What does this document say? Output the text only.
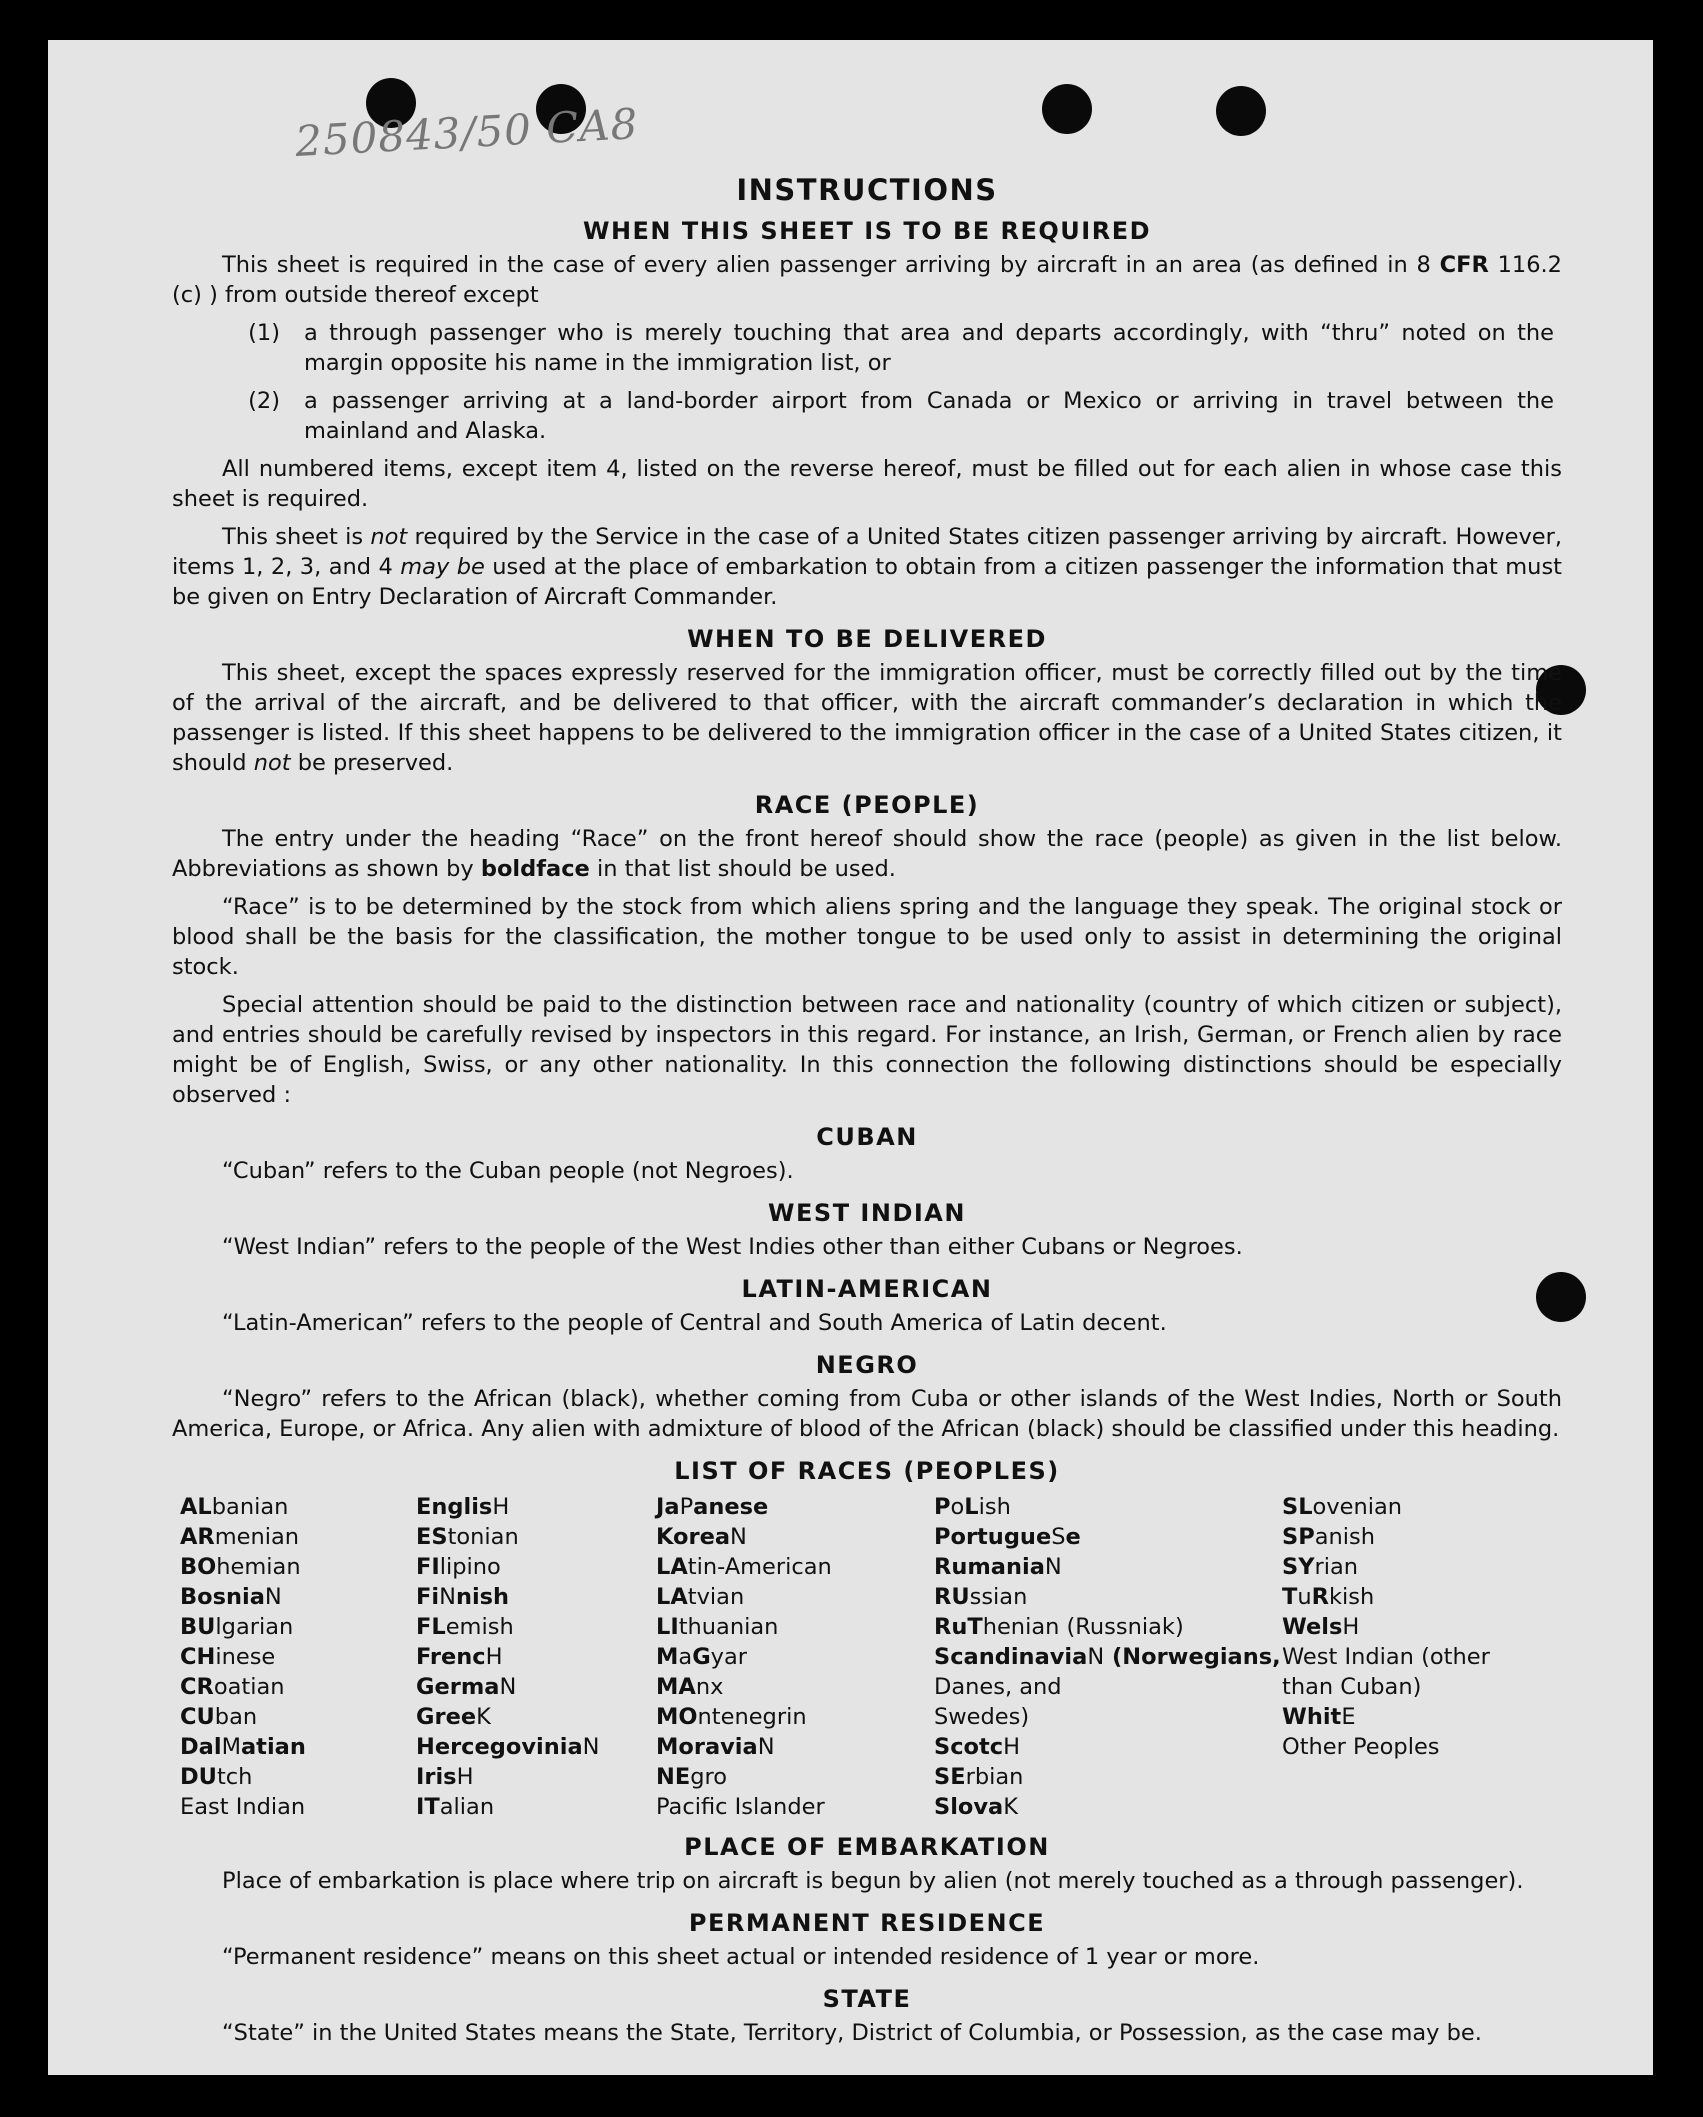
250843/50 CA8
INSTRUCTIONS
WHEN THIS SHEET IS TO BE REQUIRED

This sheet is required in the case of every alien passenger arriving by aircraft in an area (as defined in 8 CFR 116.2 (c) ) from outside thereof except

(1)	a through passenger who is merely touching that area and departs accordingly, with “thru” noted on the margin opposite his name in the immigration list, or
(2)	a passenger arriving at a land-border airport from Canada or Mexico or arriving in travel between the mainland and Alaska.

All numbered items, except item 4, listed on the reverse hereof, must be filled out for each alien in whose case this sheet is required.

This sheet is not required by the Service in the case of a United States citizen passenger arriving by aircraft. However, items 1, 2, 3, and 4 may be used at the place of embarkation to obtain from a citizen passenger the information that must be given on Entry Declaration of Aircraft Commander.

WHEN TO BE DELIVERED

This sheet, except the spaces expressly reserved for the immigration officer, must be correctly filled out by the time of the arrival of the aircraft, and be delivered to that officer, with the aircraft commander’s declaration in which the passenger is listed. If this sheet happens to be delivered to the immigration officer in the case of a United States citizen, it should not be preserved.

RACE (PEOPLE)

The entry under the heading “Race” on the front hereof should show the race (people) as given in the list below. Abbreviations as shown by boldface in that list should be used.

“Race” is to be determined by the stock from which aliens spring and the language they speak. The original stock or blood shall be the basis for the classification, the mother tongue to be used only to assist in determining the original stock.

Special attention should be paid to the distinction between race and nationality (country of which citizen or subject), and entries should be carefully revised by inspectors in this regard. For instance, an Irish, German, or French alien by race might be of English, Swiss, or any other nationality. In this connection the following distinctions should be especially observed :

CUBAN

“Cuban” refers to the Cuban people (not Negroes).

WEST INDIAN

“West Indian” refers to the people of the West Indies other than either Cubans or Negroes.

LATIN-AMERICAN

“Latin-American” refers to the people of Central and South America of Latin decent.

NEGRO

“Negro” refers to the African (black), whether coming from Cuba or other islands of the West Indies, North or South America, Europe, or Africa. Any alien with admixture of blood of the African (black) should be classified under this heading.

LIST OF RACES (PEOPLES)
ALbanian
ARmenian
BOhemian
BosniaN
BUlgarian
CHinese
CRoatian
CUban
DalMatian
DUtch
East Indian
EnglisH
EStonian
FIlipino
FiNnish
FLemish
FrencH
GermaN
GreeK
HercegoviniaN
IrisH
ITalian
JaPanese
KoreaN
LAtin-American
LAtvian
LIthuanian
MaGyar
MAnx
MOntenegrin
MoraviaN
NEgro
Pacific Islander
PoLish
PortugueSe
RumaniaN
RUssian
RuThenian (Russniak)
ScandinaviaN (Norwegians,
Danes, and
Swedes)
ScotcH
SErbian
SlovaK
SLovenian
SPanish
SYrian
TuRkish
WelsH
West Indian (other
than Cuban)
WhitE
Other Peoples
PLACE OF EMBARKATION

Place of embarkation is place where trip on aircraft is begun by alien (not merely touched as a through passenger).

PERMANENT RESIDENCE

“Permanent residence” means on this sheet actual or intended residence of 1 year or more.

STATE

“State” in the United States means the State, Territory, District of Columbia, or Possession, as the case may be.
